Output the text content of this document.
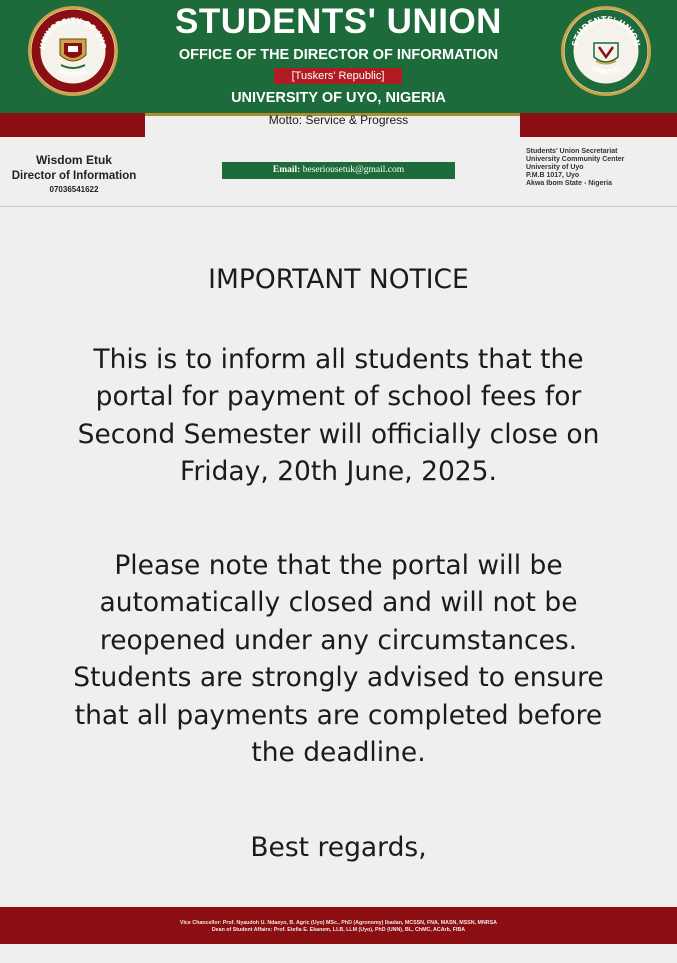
UNIVERSITY OF UYO
NIGERIA
STUDENTS' UNION
UNIUYO
STUDENTS' UNION
OFFICE OF THE DIRECTOR OF INFORMATION
[Tuskers' Republic]
UNIVERSITY OF UYO, NIGERIA
Motto: Service & Progress
Wisdom Etuk
Director of Information
07036541622
Email: beseriousetuk@gmail.com
Students' Union Secretariat
University Community Center
University of Uyo
P.M.B 1017, Uyo
Akwa Ibom State - Nigeria
IMPORTANT NOTICE
This is to inform all students that the
portal for payment of school fees for
Second Semester will officially close on
Friday, 20th June, 2025.
Please note that the portal will be
automatically closed and will not be
reopened under any circumstances.
Students are strongly advised to ensure
that all payments are completed before
the deadline.
Best regards,
Vice Chancellor: Prof. Nyaudoh U. Ndaeyo, B. Agric (Uyo) MSc., PhD (Agronomy) Ibadan, MCSSN, FNA, MASN, MSSN, MNRSA
Dean of Student Affairs: Prof. Etefia E. Ekanem, LLB, LLM (Uyo), PhD (UNN), BL, ChMC, ACArb, FIBA
